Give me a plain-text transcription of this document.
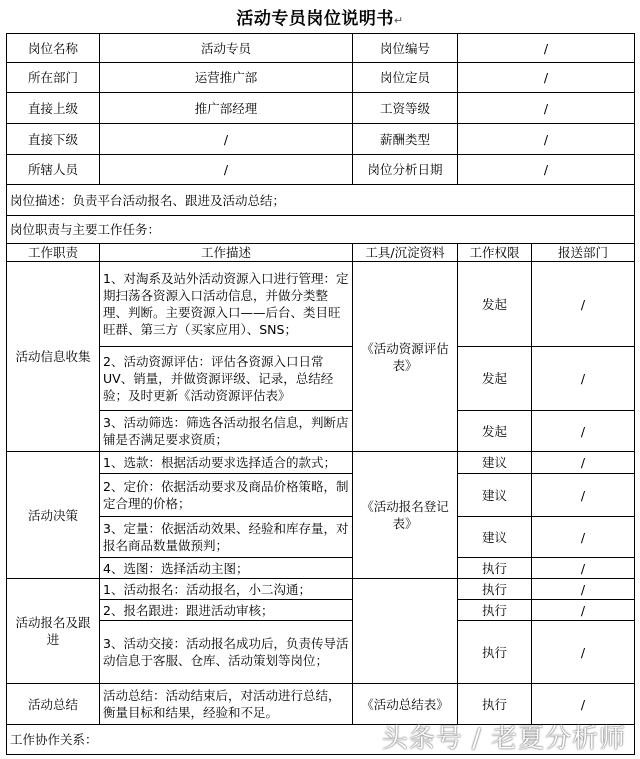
活动专员岗位说明书↵
岗位名称	活动专员	岗位编号	/	
所在部门	运营推广部	岗位定员	/	
直接上级	推广部经理	工资等级	/	
直接下级	/	薪酬类型	/	
所辖人员	/	岗位分析日期	/	
岗位描述：负责平台活动报名、跟进及活动总结；				
岗位职责与主要工作任务：				
工作职责	工作描述	工具/沉淀资料	工作权限	报送部门
活动信息收集	1、对淘系及站外活动资源入口进行管理：定期扫荡各资源入口活动信息，并做分类整理、判断。主要资源入口——后台、类目旺旺群、第三方（买家应用）、SNS；	《活动资源评估表》	发起	/
	2、活动资源评估：评估各资源入口日常UV、销量，并做资源评级、记录，总结经验；及时更新《活动资源评估表》		发起	/
	3、活动筛选：筛选各活动报名信息，判断店铺是否满足要求资质；		发起	/
活动决策	1、选款：根据活动要求选择适合的款式；	《活动报名登记表》	建议	/
	2、定价：依据活动要求及商品价格策略，制定合理的价格；		建议	/
	3、定量：依据活动效果、经验和库存量，对报名商品数量做预判；		建议	/
	4、选图：选择活动主图；		执行	/
活动报名及跟进	1、活动报名：活动报名，小二沟通；		执行	/
	2、报名跟进：跟进活动审核；		执行	/
	3、活动交接：活动报名成功后，负责传导活动信息于客服、仓库、活动策划等岗位；		执行	/
活动总结	活动总结：活动结束后，对活动进行总结，衡量目标和结果，经验和不足。	《活动总结表》	执行	/
工作协作关系：					头条号 / 老夏分析师
